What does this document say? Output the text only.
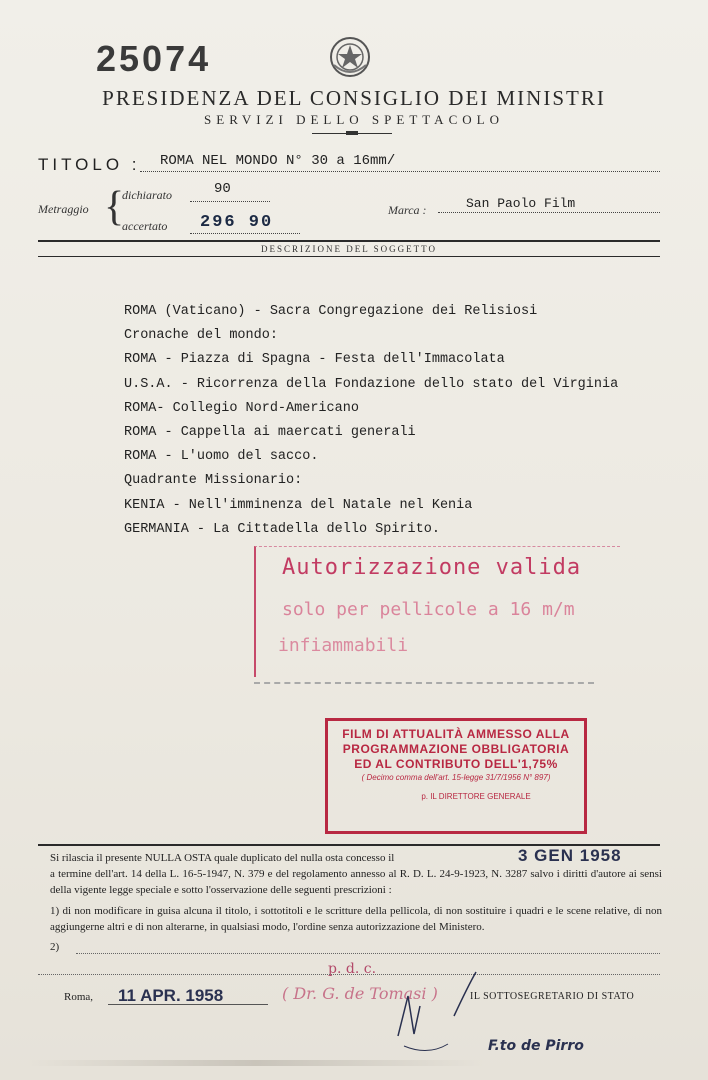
25074
PRESIDENZA DEL CONSIGLIO DEI MINISTRI
SERVIZI DELLO SPETTACOLO
TITOLO : ROMA NEL MONDO N° 30 a 16mm/
Metraggio {
dichiarato	90
accertato 296 90
Marca :	San Paolo Film
DESCRIZIONE DEL SOGGETTO
ROMA (Vaticano) - Sacra Congregazione dei Relisiosi
Cronache del mondo:
ROMA - Piazza di Spagna - Festa dell'Immacolata
U.S.A. - Ricorrenza della Fondazione dello stato del Virginia
ROMA- Collegio Nord-Americano
ROMA - Cappella ai maercati generali
ROMA - L'uomo del sacco.
Quadrante Missionario:
KENIA - Nell'imminenza del Natale nel Kenia
GERMANIA - La Cittadella dello Spirito.
Autorizzazione valida
solo per pellicole a 16 m/m
infiammabili
FILM DI ATTUALITÀ AMMESSO ALLA
PROGRAMMAZIONE OBBLIGATORIA
ED AL CONTRIBUTO DELL'1,75%
( Decimo comma dell'art. 15-legge 31/7/1956 N° 897)
p. IL DIRETTORE GENERALE
Si rilascia il presente NULLA OSTA quale duplicato del nulla osta concesso il	3 GEN 1958
a termine dell'art. 14 della L. 16-5-1947, N. 379 e del regolamento annesso al R. D. L. 24-9-1923, N. 3287 salvo i diritti d'autore ai sensi della vigente legge speciale e sotto l'osservazione delle seguenti prescrizioni :
1) di non modificare in guisa alcuna il titolo, i sottotitoli e le scritture della pellicola, di non sostituire i quadri e le scene relative, di non aggiungerne altri e di non alterarne, in qualsiasi modo, l'ordine senza autorizzazione del Ministero.
2)
p. d. c.
Roma, 11 APR. 1958	( Dr. G. de Tomasi )	IL SOTTOSEGRETARIO DI STATO
F.to de Pirro
